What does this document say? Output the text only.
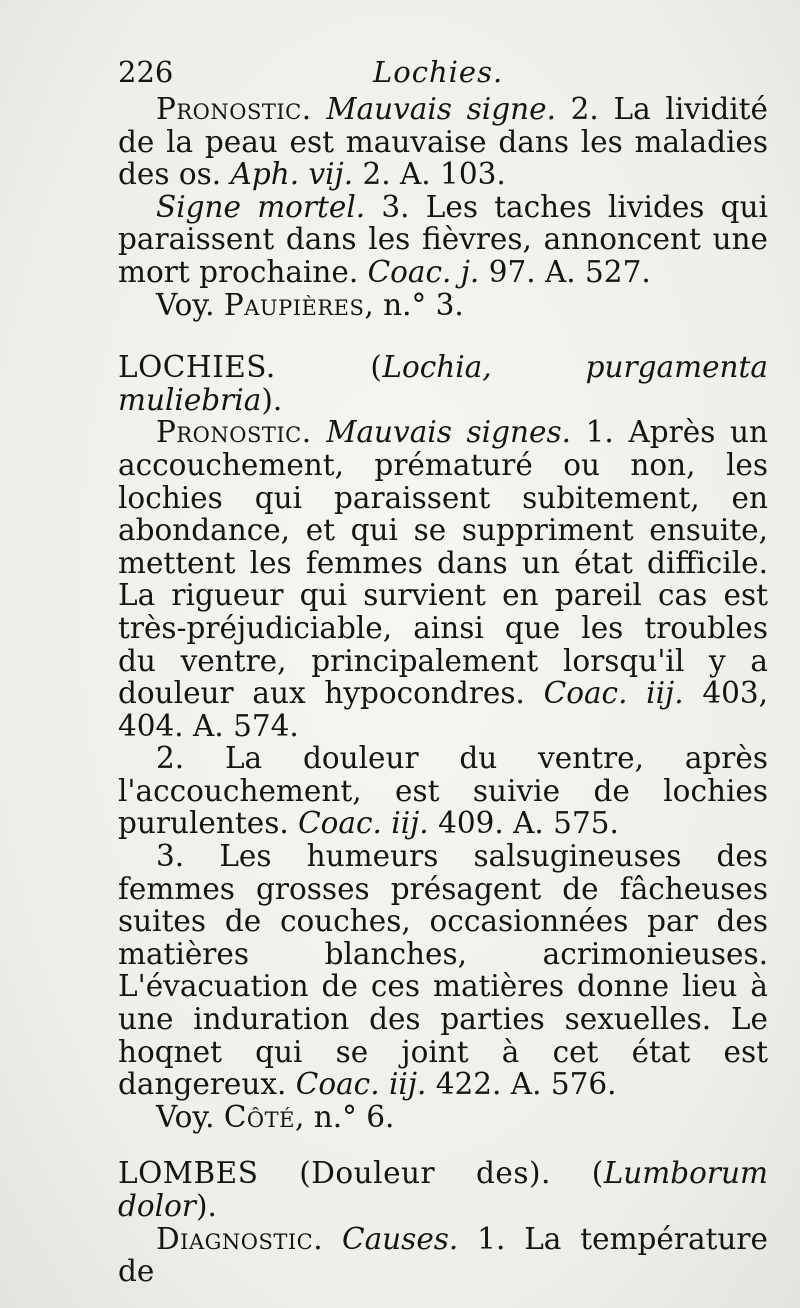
226	Lochies.

Pronostic. Mauvais signe. 2. La lividité de la peau est mauvaise dans les maladies des os. Aph. vij. 2. A. 103.

Signe mortel. 3. Les taches livides qui paraissent dans les fièvres, annoncent une mort prochaine. Coac. j. 97. A. 527.

Voy. Paupières, n.° 3.

LOCHIES. (Lochia, purgamenta muliebria).

Pronostic. Mauvais signes. 1. Après un accouchement, prématuré ou non, les lochies qui paraissent subitement, en abondance, et qui se suppriment ensuite, mettent les femmes dans un état difficile. La rigueur qui survient en pareil cas est très-préjudiciable, ainsi que les troubles du ventre, principalement lorsqu'il y a douleur aux hypocondres. Coac. iij. 403, 404. A. 574.

2. La douleur du ventre, après l'accouchement, est suivie de lochies purulentes. Coac. iij. 409. A. 575.

3. Les humeurs salsugineuses des femmes grosses présagent de fâcheuses suites de couches, occasionnées par des matières blanches, acrimonieuses. L'évacuation de ces matières donne lieu à une induration des parties sexuelles. Le hoqnet qui se joint à cet état est dangereux. Coac. iij. 422. A. 576.

Voy. Côté, n.° 6.

LOMBES (Douleur des). (Lumborum dolor).

Diagnostic. Causes. 1. La température de
